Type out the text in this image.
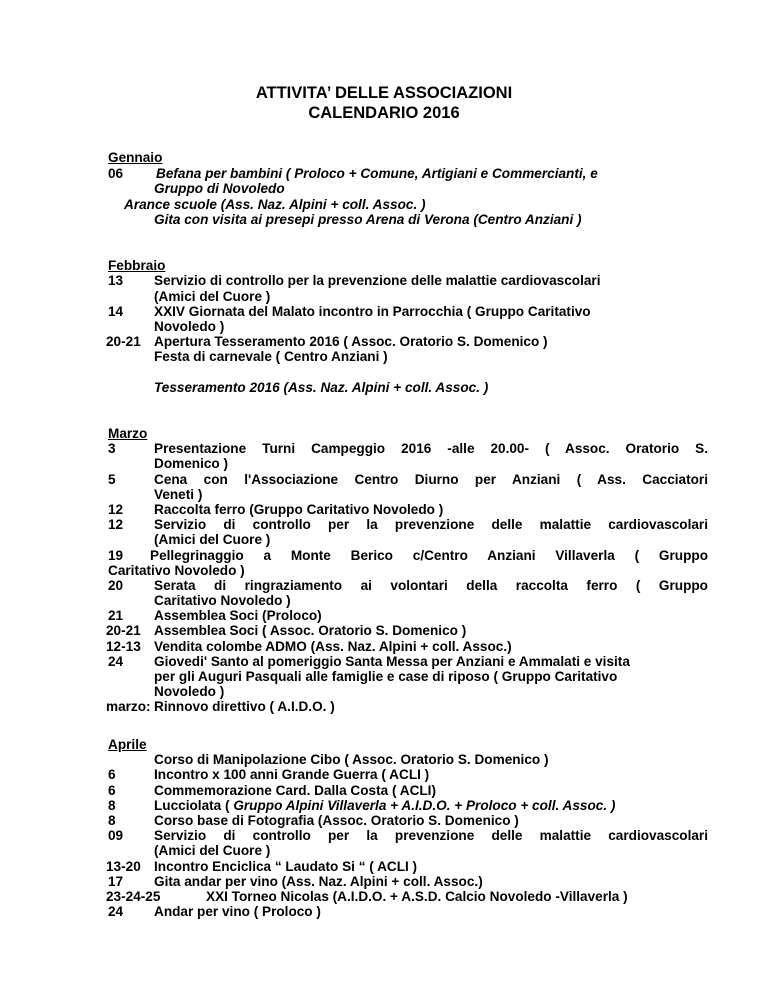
ATTIVITA’ DELLE ASSOCIAZIONI
CALENDARIO 2016
Gennaio
06 Befana per bambini ( Proloco + Comune, Artigiani e Commercianti, e
Gruppo di Novoledo
Arance scuole (Ass. Naz. Alpini + coll. Assoc. )
Gita con visita ai presepi presso Arena di Verona (Centro Anziani )
Febbraio
13 Servizio di controllo per la prevenzione delle malattie cardiovascolari
(Amici del Cuore )
14 XXIV Giornata del Malato incontro in Parrocchia ( Gruppo Caritativo
Novoledo )
20-21 Apertura Tesseramento 2016 ( Assoc. Oratorio S. Domenico )
Festa di carnevale ( Centro Anziani )
Tesseramento 2016 (Ass. Naz. Alpini + coll. Assoc. )
Marzo
3	Presentazione Turni Campeggio 2016 -alle 20.00- ( Assoc. Oratorio S.
Domenico )
5	Cena con l'Associazione Centro Diurno per Anziani ( Ass. Cacciatori
Veneti )
12 Raccolta ferro (Gruppo Caritativo Novoledo )
12 Servizio di controllo per la prevenzione delle malattie cardiovascolari
(Amici del Cuore )
19 Pellegrinaggio a Monte Berico c/Centro Anziani Villaverla ( Gruppo
Caritativo Novoledo )
20 Serata di ringraziamento ai volontari della raccolta ferro ( Gruppo
Caritativo Novoledo )
21 Assemblea Soci (Proloco)
20-21 Assemblea Soci ( Assoc. Oratorio S. Domenico )
12-13 Vendita colombe ADMO (Ass. Naz. Alpini + coll. Assoc.)
24 Giovedi' Santo al pomeriggio Santa Messa per Anziani e Ammalati e visita
per gli Auguri Pasquali alle famiglie e case di riposo ( Gruppo Caritativo
Novoledo )
marzo: Rinnovo direttivo ( A.I.D.O. )
Aprile
Corso di Manipolazione Cibo ( Assoc. Oratorio S. Domenico )
6	Incontro x 100 anni Grande Guerra ( ACLI )
6	Commemorazione Card. Dalla Costa ( ACLI)
8	Lucciolata ( Gruppo Alpini Villaverla + A.I.D.O. + Proloco + coll. Assoc. )
8	Corso base di Fotografia (Assoc. Oratorio S. Domenico )
09 Servizio di controllo per la prevenzione delle malattie cardiovascolari
(Amici del Cuore )
13-20 Incontro Enciclica “ Laudato Si “ ( ACLI )
17 Gita andar per vino (Ass. Naz. Alpini + coll. Assoc.)
23-24-25	XXI Torneo Nicolas (A.I.D.O. + A.S.D. Calcio Novoledo -Villaverla )
24 Andar per vino ( Proloco )
